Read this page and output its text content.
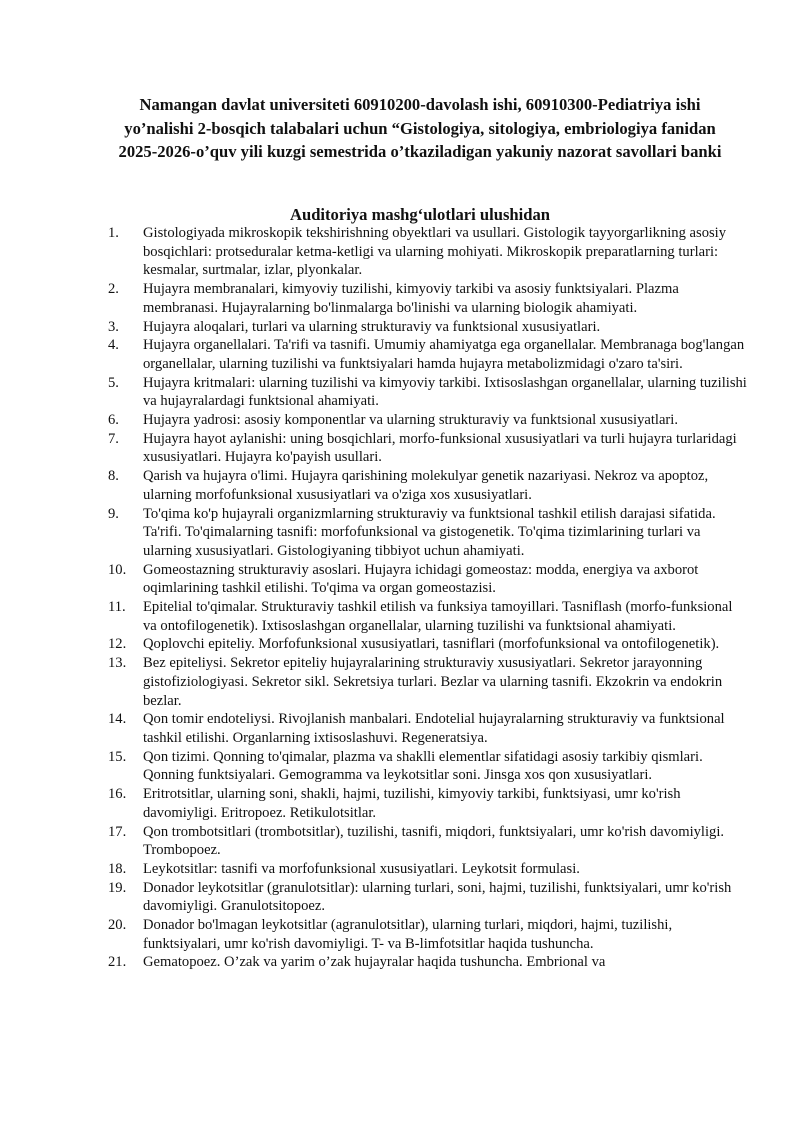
Namangan davlat universiteti 60910200-davolash ishi, 60910300-Pediatriya ishi yo’nalishi 2-bosqich talabalari uchun “Gistologiya, sitologiya, embriologiya fanidan 2025-2026-o’quv yili kuzgi semestrida o’tkaziladigan yakuniy nazorat savollari banki
Auditoriya mashg‘ulotlari ulushidan
1.	Gistologiyada mikroskopik tekshirishning obyektlari va usullari. Gistologik tayyorgarlikning asosiy bosqichlari: protseduralar ketma-ketligi va ularning mohiyati. Mikroskopik preparatlarning turlari: kesmalar, surtmalar, izlar, plyonkalar.
2.	Hujayra membranalari, kimyoviy tuzilishi, kimyoviy tarkibi va asosiy funktsiyalari. Plazma membranasi. Hujayralarning bo'linmalarga bo'linishi va ularning biologik ahamiyati.
3.	Hujayra aloqalari, turlari va ularning strukturaviy va funktsional xususiyatlari.
4.	Hujayra organellalari. Ta'rifi va tasnifi. Umumiy ahamiyatga ega organellalar. Membranaga bog'langan organellalar, ularning tuzilishi va funktsiyalari hamda hujayra metabolizmidagi o'zaro ta'siri.
5.	Hujayra kritmalari: ularning tuzilishi va kimyoviy tarkibi. Ixtisoslashgan organellalar, ularning tuzilishi va hujayralardagi funktsional ahamiyati.
6.	Hujayra yadrosi: asosiy komponentlar va ularning strukturaviy va funktsional xususiyatlari.
7.	Hujayra hayot aylanishi: uning bosqichlari, morfo-funksional xususiyatlari va turli hujayra turlaridagi xususiyatlari. Hujayra ko'payish usullari.
8.	Qarish va hujayra o'limi. Hujayra qarishining molekulyar genetik nazariyasi. Nekroz va apoptoz, ularning morfofunksional xususiyatlari va o'ziga xos xususiyatlari.
9.	To'qima ko'p hujayrali organizmlarning strukturaviy va funktsional tashkil etilish darajasi sifatida. Ta'rifi. To'qimalarning tasnifi: morfofunksional va gistogenetik. To'qima tizimlarining turlari va ularning xususiyatlari. Gistologiyaning tibbiyot uchun ahamiyati.
10.	Gomeostazning strukturaviy asoslari. Hujayra ichidagi gomeostaz: modda, energiya va axborot oqimlarining tashkil etilishi. To'qima va organ gomeostazisi.
11.	Epitelial to'qimalar. Strukturaviy tashkil etilish va funksiya tamoyillari. Tasniflash (morfo-funksional va ontofilogenetik). Ixtisoslashgan organellalar, ularning tuzilishi va funktsional ahamiyati.
12.	Qoplovchi epiteliy. Morfofunksional xususiyatlari, tasniflari (morfofunksional va ontofilogenetik).
13.	Bez epiteliysi. Sekretor epiteliy hujayralarining strukturaviy xususiyatlari. Sekretor jarayonning gistofiziologiyasi. Sekretor sikl. Sekretsiya turlari. Bezlar va ularning tasnifi. Ekzokrin va endokrin bezlar.
14.	Qon tomir endoteliysi. Rivojlanish manbalari. Endotelial hujayralarning strukturaviy va funktsional tashkil etilishi. Organlarning ixtisoslashuvi. Regeneratsiya.
15.	Qon tizimi. Qonning to'qimalar, plazma va shaklli elementlar sifatidagi asosiy tarkibiy qismlari. Qonning funktsiyalari. Gemogramma va leykotsitlar soni. Jinsga xos qon xususiyatlari.
16.	Eritrotsitlar, ularning soni, shakli, hajmi, tuzilishi, kimyoviy tarkibi, funktsiyasi, umr ko'rish davomiyligi. Eritropoez. Retikulotsitlar.
17.	Qon trombotsitlari (trombotsitlar), tuzilishi, tasnifi, miqdori, funktsiyalari, umr ko'rish davomiyligi. Trombopoez.
18.	Leykotsitlar: tasnifi va morfofunksional xususiyatlari. Leykotsit formulasi.
19.	Donador leykotsitlar (granulotsitlar): ularning turlari, soni, hajmi, tuzilishi, funktsiyalari, umr ko'rish davomiyligi. Granulotsitopoez.
20.	Donador bo'lmagan leykotsitlar (agranulotsitlar), ularning turlari, miqdori, hajmi, tuzilishi, funktsiyalari, umr ko'rish davomiyligi. T- va B-limfotsitlar haqida tushuncha.
21.	Gematopoez. O’zak va yarim o’zak hujayralar haqida tushuncha. Embrional va
